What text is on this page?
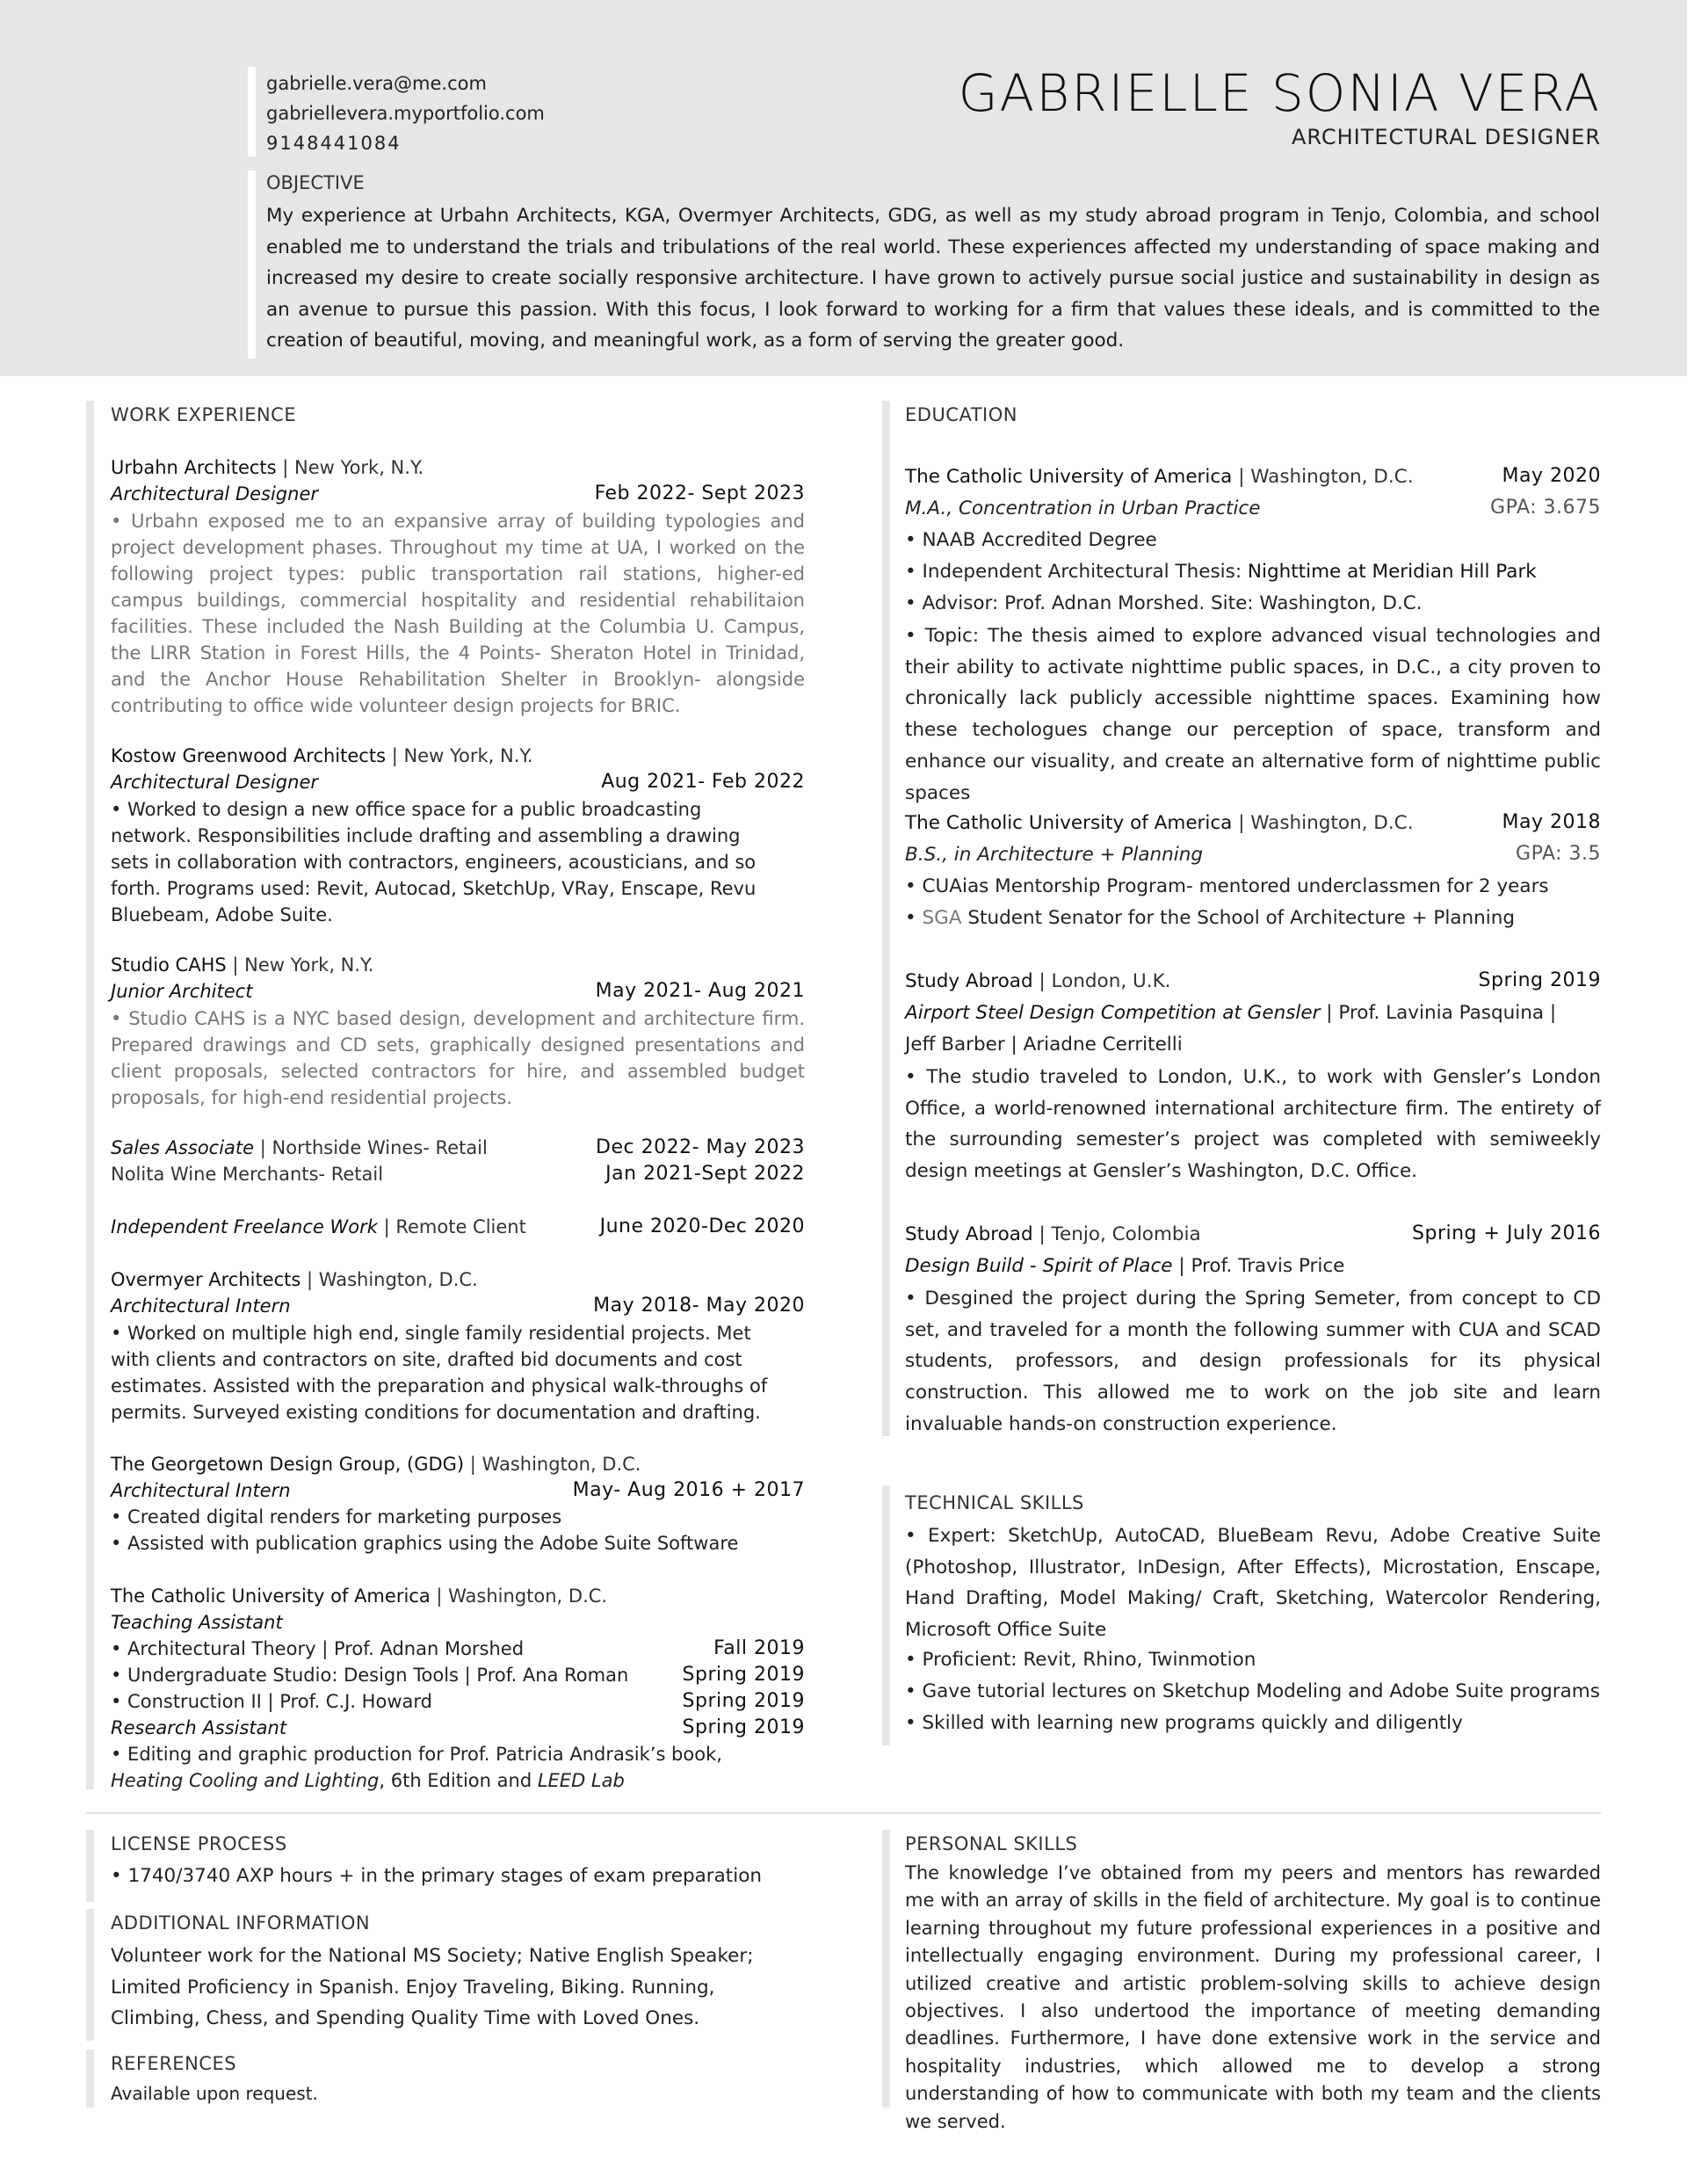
gabrielle.vera@me.com
gabriellevera.myportfolio.com
9148441084
GABRIELLE SONIA VERA
ARCHITECTURAL DESIGNER
OBJECTIVE
My experience at Urbahn Architects, KGA, Overmyer Architects, GDG, as well as my study abroad program in Tenjo, Colombia, and school enabled me to understand the trials and tribulations of the real world. These experiences affected my understanding of space making and increased my desire to create socially responsive architecture. I have grown to actively pursue social justice and sustainability in design as an avenue to pursue this passion. With this focus, I look forward to working for a firm that values these ideals, and is committed to the creation of beautiful, moving, and meaningful work, as a form of serving the greater good.
WORK EXPERIENCE
Urbahn Architects | New York, N.Y.
Architectural Designer	Feb 2022- Sept 2023
• Urbahn exposed me to an expansive array of building typologies and project development phases. Throughout my time at UA, I worked on the following project types: public transportation rail stations, higher-ed campus buildings, commercial hospitality and residential rehabilitaion facilities. These included the Nash Building at the Columbia U. Campus, the LIRR Station in Forest Hills, the 4 Points- Sheraton Hotel in Trinidad, and the Anchor House Rehabilitation Shelter in Brooklyn- alongside contributing to office wide volunteer design projects for BRIC.
Kostow Greenwood Architects | New York, N.Y.
Architectural Designer	Aug 2021- Feb 2022
• Worked to design a new office space for a public broadcasting network. Responsibilities include drafting and assembling a drawing sets in collaboration with contractors, engineers, acousticians, and so forth. Programs used: Revit, Autocad, SketchUp, VRay, Enscape, Revu Bluebeam, Adobe Suite.
Studio CAHS | New York, N.Y.
Junior Architect	May 2021- Aug 2021
• Studio CAHS is a NYC based design, development and architecture firm. Prepared drawings and CD sets, graphically designed presentations and client proposals, selected contractors for hire, and assembled budget proposals, for high-end residential projects.
Sales Associate | Northside Wines- Retail	Dec 2022- May 2023
Nolita Wine Merchants- Retail	Jan 2021-Sept 2022
Independent Freelance Work | Remote Client	June 2020-Dec 2020
Overmyer Architects | Washington, D.C.
Architectural Intern	May 2018- May 2020
• Worked on multiple high end, single family residential projects. Met with clients and contractors on site, drafted bid documents and cost estimates. Assisted with the preparation and physical walk-throughs of permits. Surveyed existing conditions for documentation and drafting.
The Georgetown Design Group, (GDG) | Washington, D.C.
Architectural Intern	May- Aug 2016 + 2017
• Created digital renders for marketing purposes
• Assisted with publication graphics using the Adobe Suite Software
The Catholic University of America | Washington, D.C.
Teaching Assistant
• Architectural Theory | Prof. Adnan Morshed	Fall 2019
• Undergraduate Studio: Design Tools | Prof. Ana Roman	Spring 2019
• Construction II | Prof. C.J. Howard	Spring 2019
Research Assistant	Spring 2019
• Editing and graphic production for Prof. Patricia Andrasik’s book,
Heating Cooling and Lighting, 6th Edition and LEED Lab
EDUCATION
The Catholic University of America | Washington, D.C.	May 2020
M.A., Concentration in Urban Practice	GPA: 3.675
• NAAB Accredited Degree
• Independent Architectural Thesis: Nighttime at Meridian Hill Park
• Advisor: Prof. Adnan Morshed. Site: Washington, D.C.
• Topic: The thesis aimed to explore advanced visual technologies and their ability to activate nighttime public spaces, in D.C., a city proven to chronically lack publicly accessible nighttime spaces. Examining how these techologues change our perception of space, transform and enhance our visuality, and create an alternative form of nighttime public spaces
The Catholic University of America | Washington, D.C.	May 2018
B.S., in Architecture + Planning	GPA: 3.5
• CUAias Mentorship Program- mentored underclassmen for 2 years
• SGA Student Senator for the School of Architecture + Planning
Study Abroad | London, U.K.	Spring 2019
Airport Steel Design Competition at Gensler | Prof. Lavinia Pasquina |
Jeff Barber | Ariadne Cerritelli
• The studio traveled to London, U.K., to work with Gensler’s London Office, a world-renowned international architecture firm. The entirety of the surrounding semester’s project was completed with semiweekly design meetings at Gensler’s Washington, D.C. Office.
Study Abroad | Tenjo, Colombia	Spring + July 2016
Design Build - Spirit of Place | Prof. Travis Price
• Desgined the project during the Spring Semeter, from concept to CD set, and traveled for a month the following summer with CUA and SCAD students, professors, and design professionals for its physical construction. This allowed me to work on the job site and learn invaluable hands-on construction experience.
TECHNICAL SKILLS
• Expert: SketchUp, AutoCAD, BlueBeam Revu, Adobe Creative Suite (Photoshop, Illustrator, InDesign, After Effects), Microstation, Enscape, Hand Drafting, Model Making/ Craft, Sketching, Watercolor Rendering, Microsoft Office Suite
• Proficient: Revit, Rhino, Twinmotion
• Gave tutorial lectures on Sketchup Modeling and Adobe Suite programs
• Skilled with learning new programs quickly and diligently
LICENSE PROCESS
• 1740/3740 AXP hours + in the primary stages of exam preparation
ADDITIONAL INFORMATION
Volunteer work for the National MS Society; Native English Speaker; Limited Proficiency in Spanish. Enjoy Traveling, Biking. Running, Climbing, Chess, and Spending Quality Time with Loved Ones.
REFERENCES
Available upon request.
PERSONAL SKILLS
The knowledge I’ve obtained from my peers and mentors has rewarded me with an array of skills in the field of architecture. My goal is to continue learning throughout my future professional experiences in a positive and intellectually engaging environment. During my professional career, I utilized creative and artistic problem-solving skills to achieve design objectives. I also undertood the importance of meeting demanding deadlines. Furthermore, I have done extensive work in the service and hospitality industries, which allowed me to develop a strong understanding of how to communicate with both my team and the clients we served.
